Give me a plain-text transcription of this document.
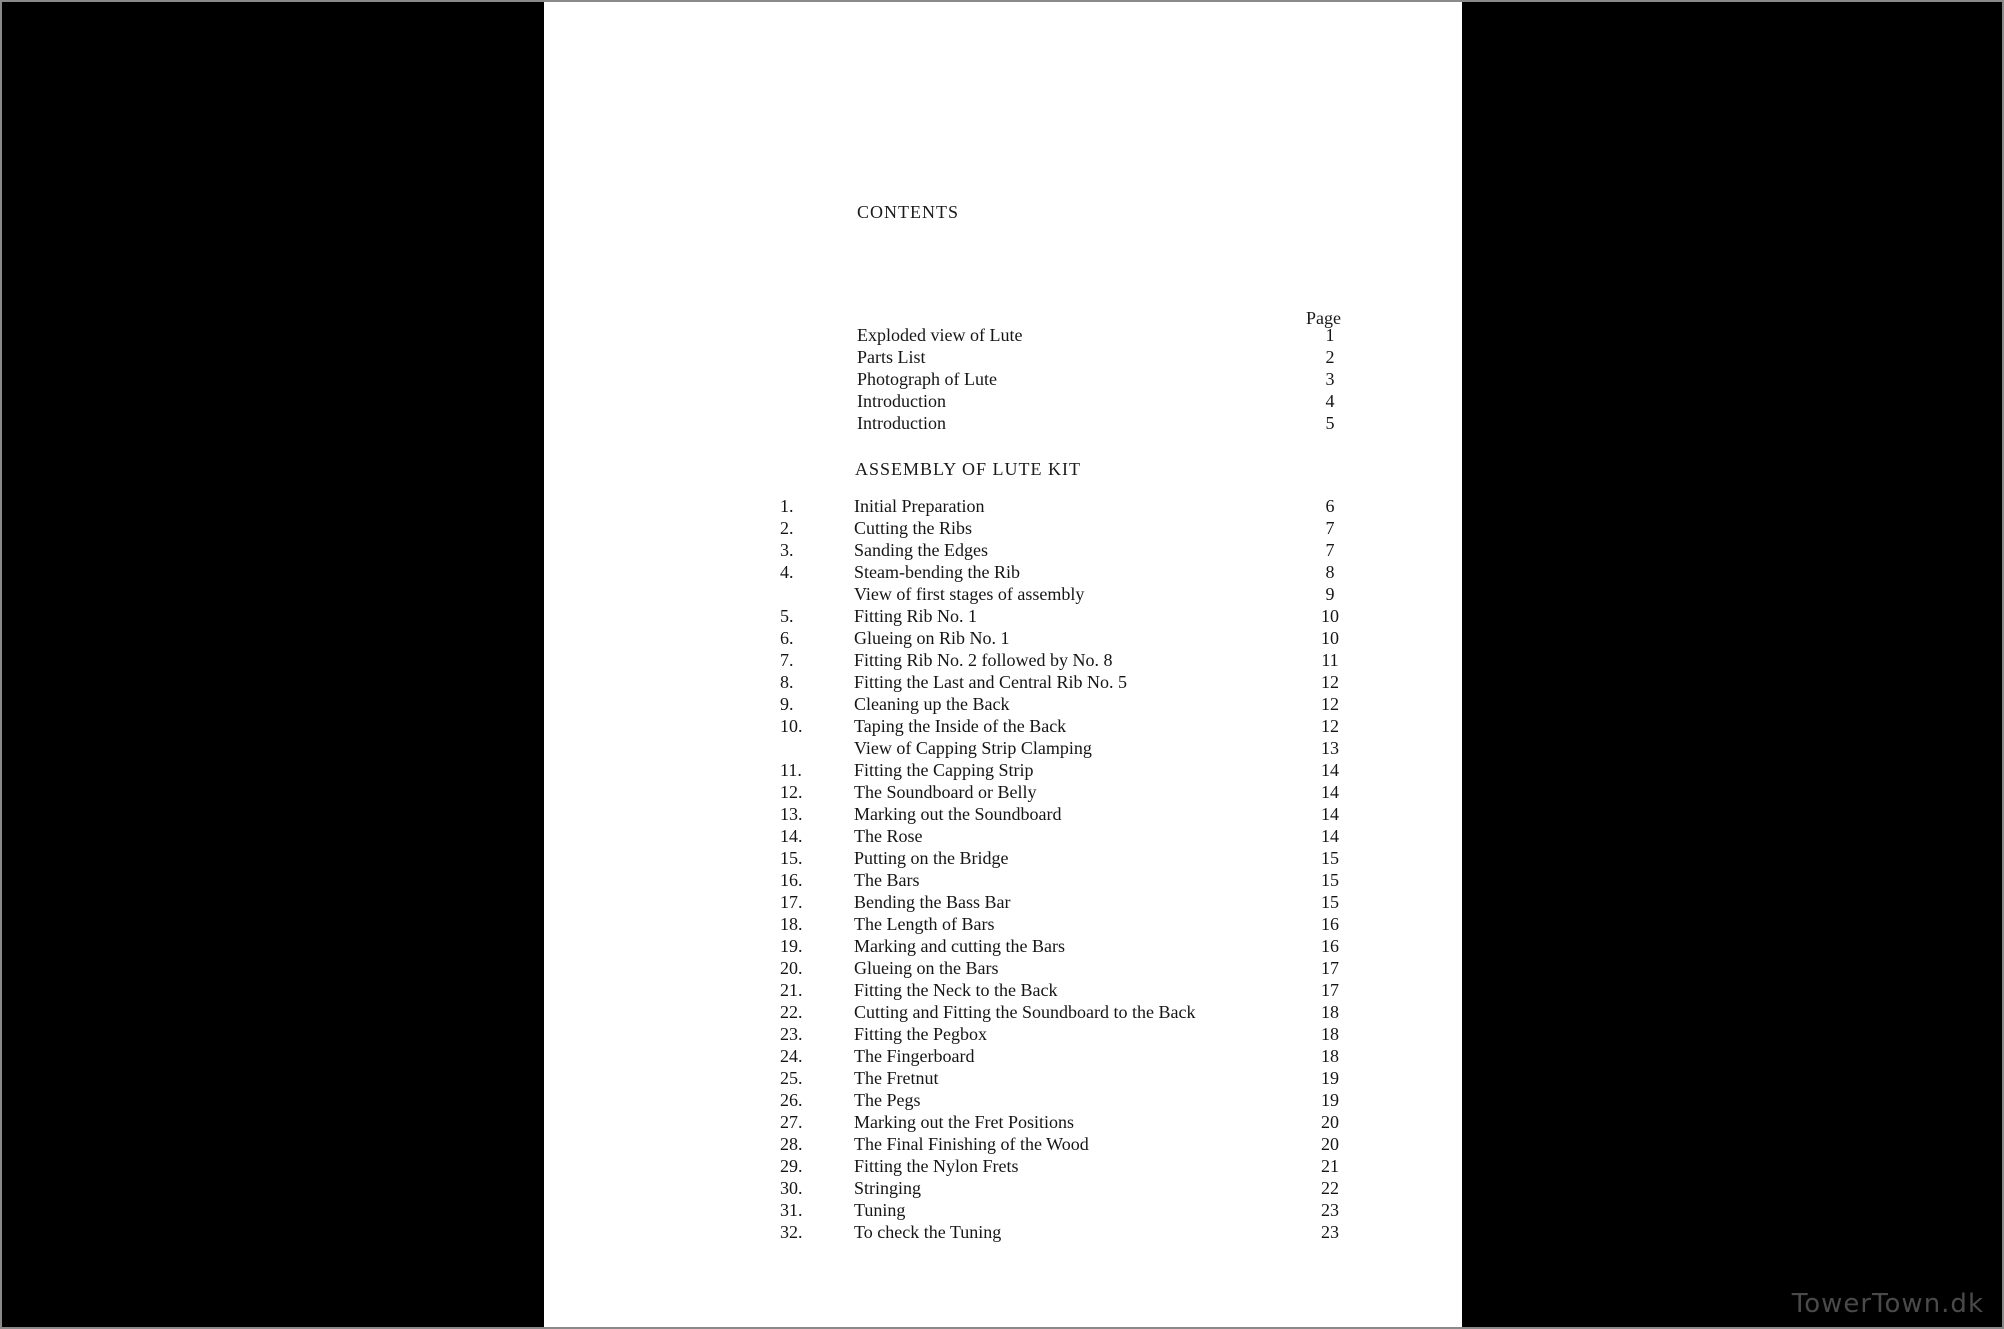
CONTENTS
Page
Exploded view of Lute	1
Parts List	2
Photograph of Lute	3
Introduction	4
Introduction	5
ASSEMBLY OF LUTE KIT
1.	Initial Preparation	6
2.	Cutting the Ribs	7
3.	Sanding the Edges	7
4.	Steam-bending the Rib	8
View of first stages of assembly	9
5.	Fitting Rib No. 1	10
6.	Glueing on Rib No. 1	10
7.	Fitting Rib No. 2 followed by No. 8	11
8.	Fitting the Last and Central Rib No. 5	12
9.	Cleaning up the Back	12
10.	Taping the Inside of the Back	12
View of Capping Strip Clamping	13
11.	Fitting the Capping Strip	14
12.	The Soundboard or Belly	14
13.	Marking out the Soundboard	14
14.	The Rose	14
15.	Putting on the Bridge	15
16.	The Bars	15
17.	Bending the Bass Bar	15
18.	The Length of Bars	16
19.	Marking and cutting the Bars	16
20.	Glueing on the Bars	17
21.	Fitting the Neck to the Back	17
22.	Cutting and Fitting the Soundboard to the Back	18
23.	Fitting the Pegbox	18
24.	The Fingerboard	18
25.	The Fretnut	19
26.	The Pegs	19
27.	Marking out the Fret Positions	20
28.	The Final Finishing of the Wood	20
29.	Fitting the Nylon Frets	21
30.	Stringing	22
31.	Tuning	23
32.	To check the Tuning	23
TowerTown.dk
